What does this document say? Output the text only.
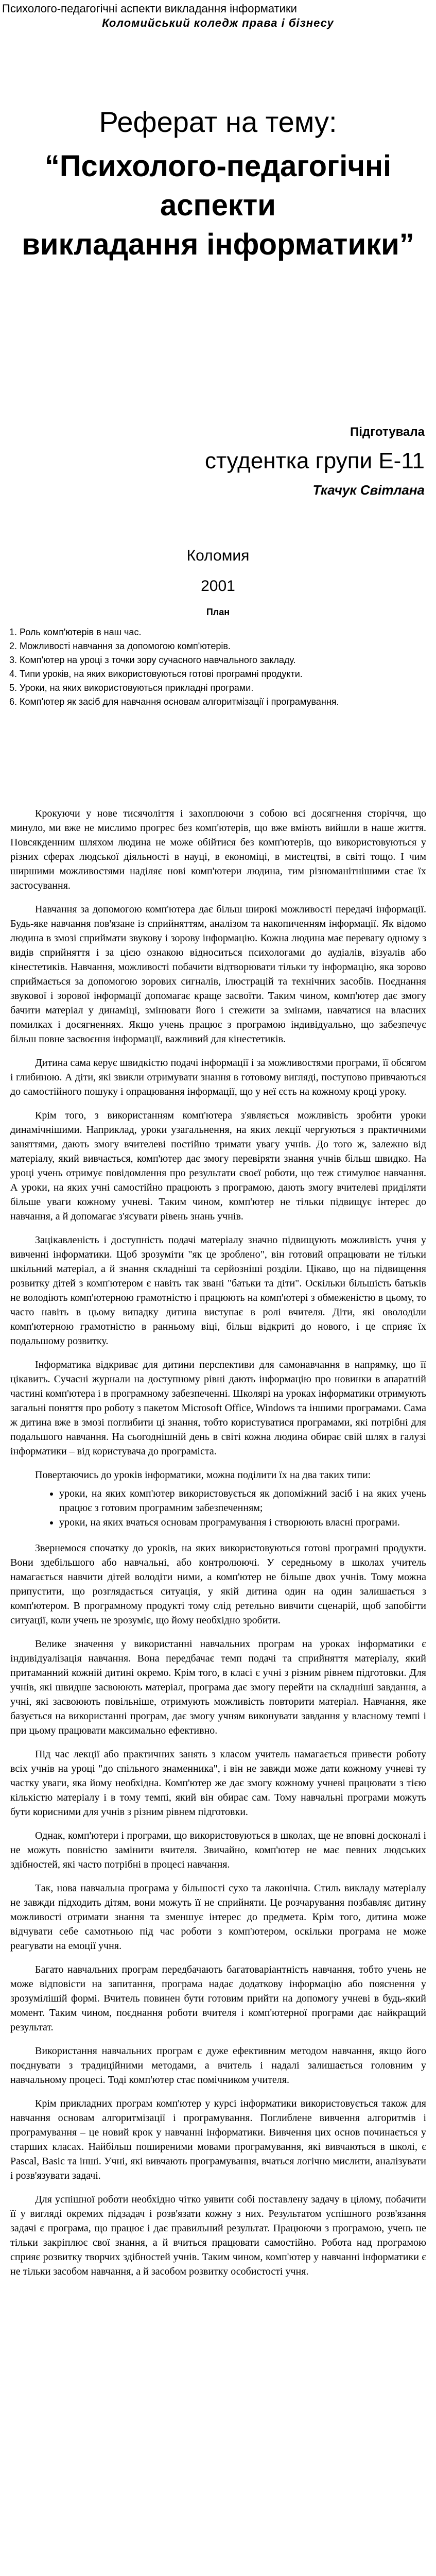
Психолого-педагогічні аспекти викладання інформатики
Коломийський коледж права і бізнесу
Реферат на тему:
“Психолого-педагогічні
аспекти
викладання інформатики”
Підготувала
студентка групи Е-11
Ткачук Світлана
Коломия
2001
План
1. Роль комп'ютерів в наш час.
2. Можливості навчання за допомогою комп'ютерів.
3. Комп'ютер на уроці з точки зору сучасного навчального закладу.
4. Типи уроків, на яких використовуються готові програмні продукти.
5. Уроки, на яких використовуються прикладні програми.
6. Комп'ютер як засіб для навчання основам алгоритмізації і програмування.

Крокуючи у нове тисячоліття і захоплюючи з собою всі досягнення сторіччя, що минуло, ми вже не мислимо прогрес без комп'ютерів, що вже вміють вийшли в наше життя. Повсякденним шляхом людина не може обійтися без комп'ютерів, що використовуються у різних сферах людської діяльності в науці, в економіці, в мистецтві, в світі тощо. І чим ширшими можливостями наділяє нові комп'ютери людина, тим різноманітнішими стає їх застосування.

Навчання за допомогою комп'ютера дає більш широкі можливості передачі інформації. Будь-яке навчання пов'язане із сприйняттям, аналізом та накопиченням інформації. Як відомо людина в змозі сприймати звукову і зорову інформацію. Кожна людина має перевагу одному з видів сприйняття і за цією ознакою відноситься психологами до аудіалів, візуалів або кінестетиків. Навчання, можливості побачити відтворювати тільки ту інформацію, яка зорово сприймається за допомогою зорових сигналів, ілюстрацій та технічних засобів. Поєднання звукової і зорової інформації допомагає краще засвоїти. Таким чином, комп'ютер дає змогу бачити матеріал у динаміці, змінювати його і стежити за змінами, навчатися на власних помилках і досягненнях. Якщо учень працює з програмою індивідуально, що забезпечує більш повне засвоєння інформації, важливий для кінестетиків.

Дитина сама керує швидкістю подачі інформації і за можливостями програми, її обсягом і глибиною. А діти, які звикли отримувати знання в готовому вигляді, поступово привчаються до самостійного пошуку і опрацювання інформації, що у неї єсть на кожному кроці уроку.

Крім того, з використанням комп'ютера з'являється можливість зробити уроки динамічнішими. Наприклад, уроки узагальнення, на яких лекції чергуються з практичними заняттями, дають змогу вчителеві постійно тримати увагу учнів. До того ж, залежно від матеріалу, який вивчається, комп'ютер дає змогу перевіряти знання учнів більш швидко. На уроці учень отримує повідомлення про результати своєї роботи, що теж стимулює навчання. А уроки, на яких учні самостійно працюють з програмою, дають змогу вчителеві приділяти більше уваги кожному учневі. Таким чином, комп'ютер не тільки підвищує інтерес до навчання, а й допомагає з'ясувати рівень знань учнів.

Зацікавленість і доступність подачі матеріалу значно підвищують можливість учня у вивченні інформатики. Щоб зрозуміти "як це зроблено", він готовий опрацювати не тільки шкільний матеріал, а й знання складніші та серйозніші розділи. Цікаво, що на підвищення розвитку дітей з комп'ютером є навіть так звані "батьки та діти". Оскільки більшість батьків не володіють комп'ютерною грамотністю і працюють на комп'ютері з обмеженістю в цьому, то часто навіть в цьому випадку дитина виступає в ролі вчителя. Діти, які оволоділи комп'ютерною грамотністю в ранньому віці, більш відкриті до нового, і це сприяє їх подальшому розвитку.

Інформатика відкриває для дитини перспективи для самонавчання в напрямку, що її цікавить. Сучасні журнали на доступному рівні дають інформацію про новинки в апаратній частині комп'ютера і в програмному забезпеченні. Школярі на уроках інформатики отримують загальні поняття про роботу з пакетом Microsoft Office, Windows та іншими програмами. Сама ж дитина вже в змозі поглибити ці знання, тобто користуватися програмами, які потрібні для подальшого навчання. На сьогоднішній день в світі кожна людина обирає свій шлях в галузі інформатики – від користувача до програміста.

Повертаючись до уроків інформатики, можна поділити їх на два таких типи:

• уроки, на яких комп'ютер використовується як допоміжний засіб і на яких учень працює з готовим програмним забезпеченням;
• уроки, на яких вчаться основам програмування і створюють власні програми.

Звернемося спочатку до уроків, на яких використовуються готові програмні продукти. Вони здебільшого або навчальні, або контролюючі. У середньому в школах учитель намагається навчити дітей володіти ними, а комп'ютер не більше двох учнів. Тому можна припустити, що розглядається ситуація, у якій дитина один на один залишається з комп'ютером. В програмному продукті тому слід ретельно вивчити сценарій, щоб запобігти ситуації, коли учень не зрозуміє, що йому необхідно зробити.

Велике значення у використанні навчальних програм на уроках інформатики є індивідуалізація навчання. Вона передбачає темп подачі та сприйняття матеріалу, який притаманний кожній дитині окремо. Крім того, в класі є учні з різним рівнем підготовки. Для учнів, які швидше засвоюють матеріал, програма дає змогу перейти на складніші завдання, а учні, які засвоюють повільніше, отримують можливість повторити матеріал. Навчання, яке базується на використанні програм, дає змогу учням виконувати завдання у власному темпі і при цьому працювати максимально ефективно.

Під час лекції або практичних занять з класом учитель намагається привести роботу всіх учнів на уроці "до спільного знаменника", і він не завжди може дати кожному учневі ту частку уваги, яка йому необхідна. Комп'ютер же дає змогу кожному учневі працювати з тією кількістю матеріалу і в тому темпі, який він обирає сам. Тому навчальні програми можуть бути корисними для учнів з різним рівнем підготовки.

Однак, комп'ютери і програми, що використовуються в школах, ще не вповні досконалі і не можуть повністю замінити вчителя. Звичайно, комп'ютер не має певних людських здібностей, які часто потрібні в процесі навчання.

Так, нова навчальна програма у більшості сухо та лаконічна. Стиль викладу матеріалу не завжди підходить дітям, вони можуть її не сприйняти. Це розчарування позбавляє дитину можливості отримати знання та зменшує інтерес до предмета. Крім того, дитина може відчувати себе самотньою під час роботи з комп'ютером, оскільки програма не може реагувати на емоції учня.

Багато навчальних програм передбачають багатоварiантність навчання, тобто учень не може відповісти на запитання, програма надає додаткову інформацію або пояснення у зрозумілішій формі. Вчитель повинен бути готовим прийти на допомогу учневі в будь-який момент. Таким чином, поєднання роботи вчителя і комп'ютерної програми дає найкращий результат.

Використання навчальних програм є дуже ефективним методом навчання, якщо його поєднувати з традиційними методами, а вчитель і надалі залишається головним у навчальному процесі. Тоді комп'ютер стає помічником учителя.

Крім прикладних програм комп'ютер у курсі інформатики використовується також для навчання основам алгоритмізації і програмування. Поглиблене вивчення алгоритмів і програмування – це новий крок у навчанні інформатики. Вивчення цих основ починається у старших класах. Найбільш поширеними мовами програмування, які вивчаються в школі, є Pascal, Basic та інші. Учні, які вивчають програмування, вчаться логічно мислити, аналізувати і розв'язувати задачі.

Для успішної роботи необхідно чітко уявити собі поставлену задачу в цілому, побачити її у вигляді окремих підзадач і розв'язати кожну з них. Результатом успішного розв'язання задачі є програма, що працює і дає правильний результат. Працюючи з програмою, учень не тільки закріплює свої знання, а й вчиться працювати самостійно. Робота над програмою сприяє розвитку творчих здібностей учнів. Таким чином, комп'ютер у навчанні інформатики є не тільки засобом навчання, а й засобом розвитку особистості учня.
